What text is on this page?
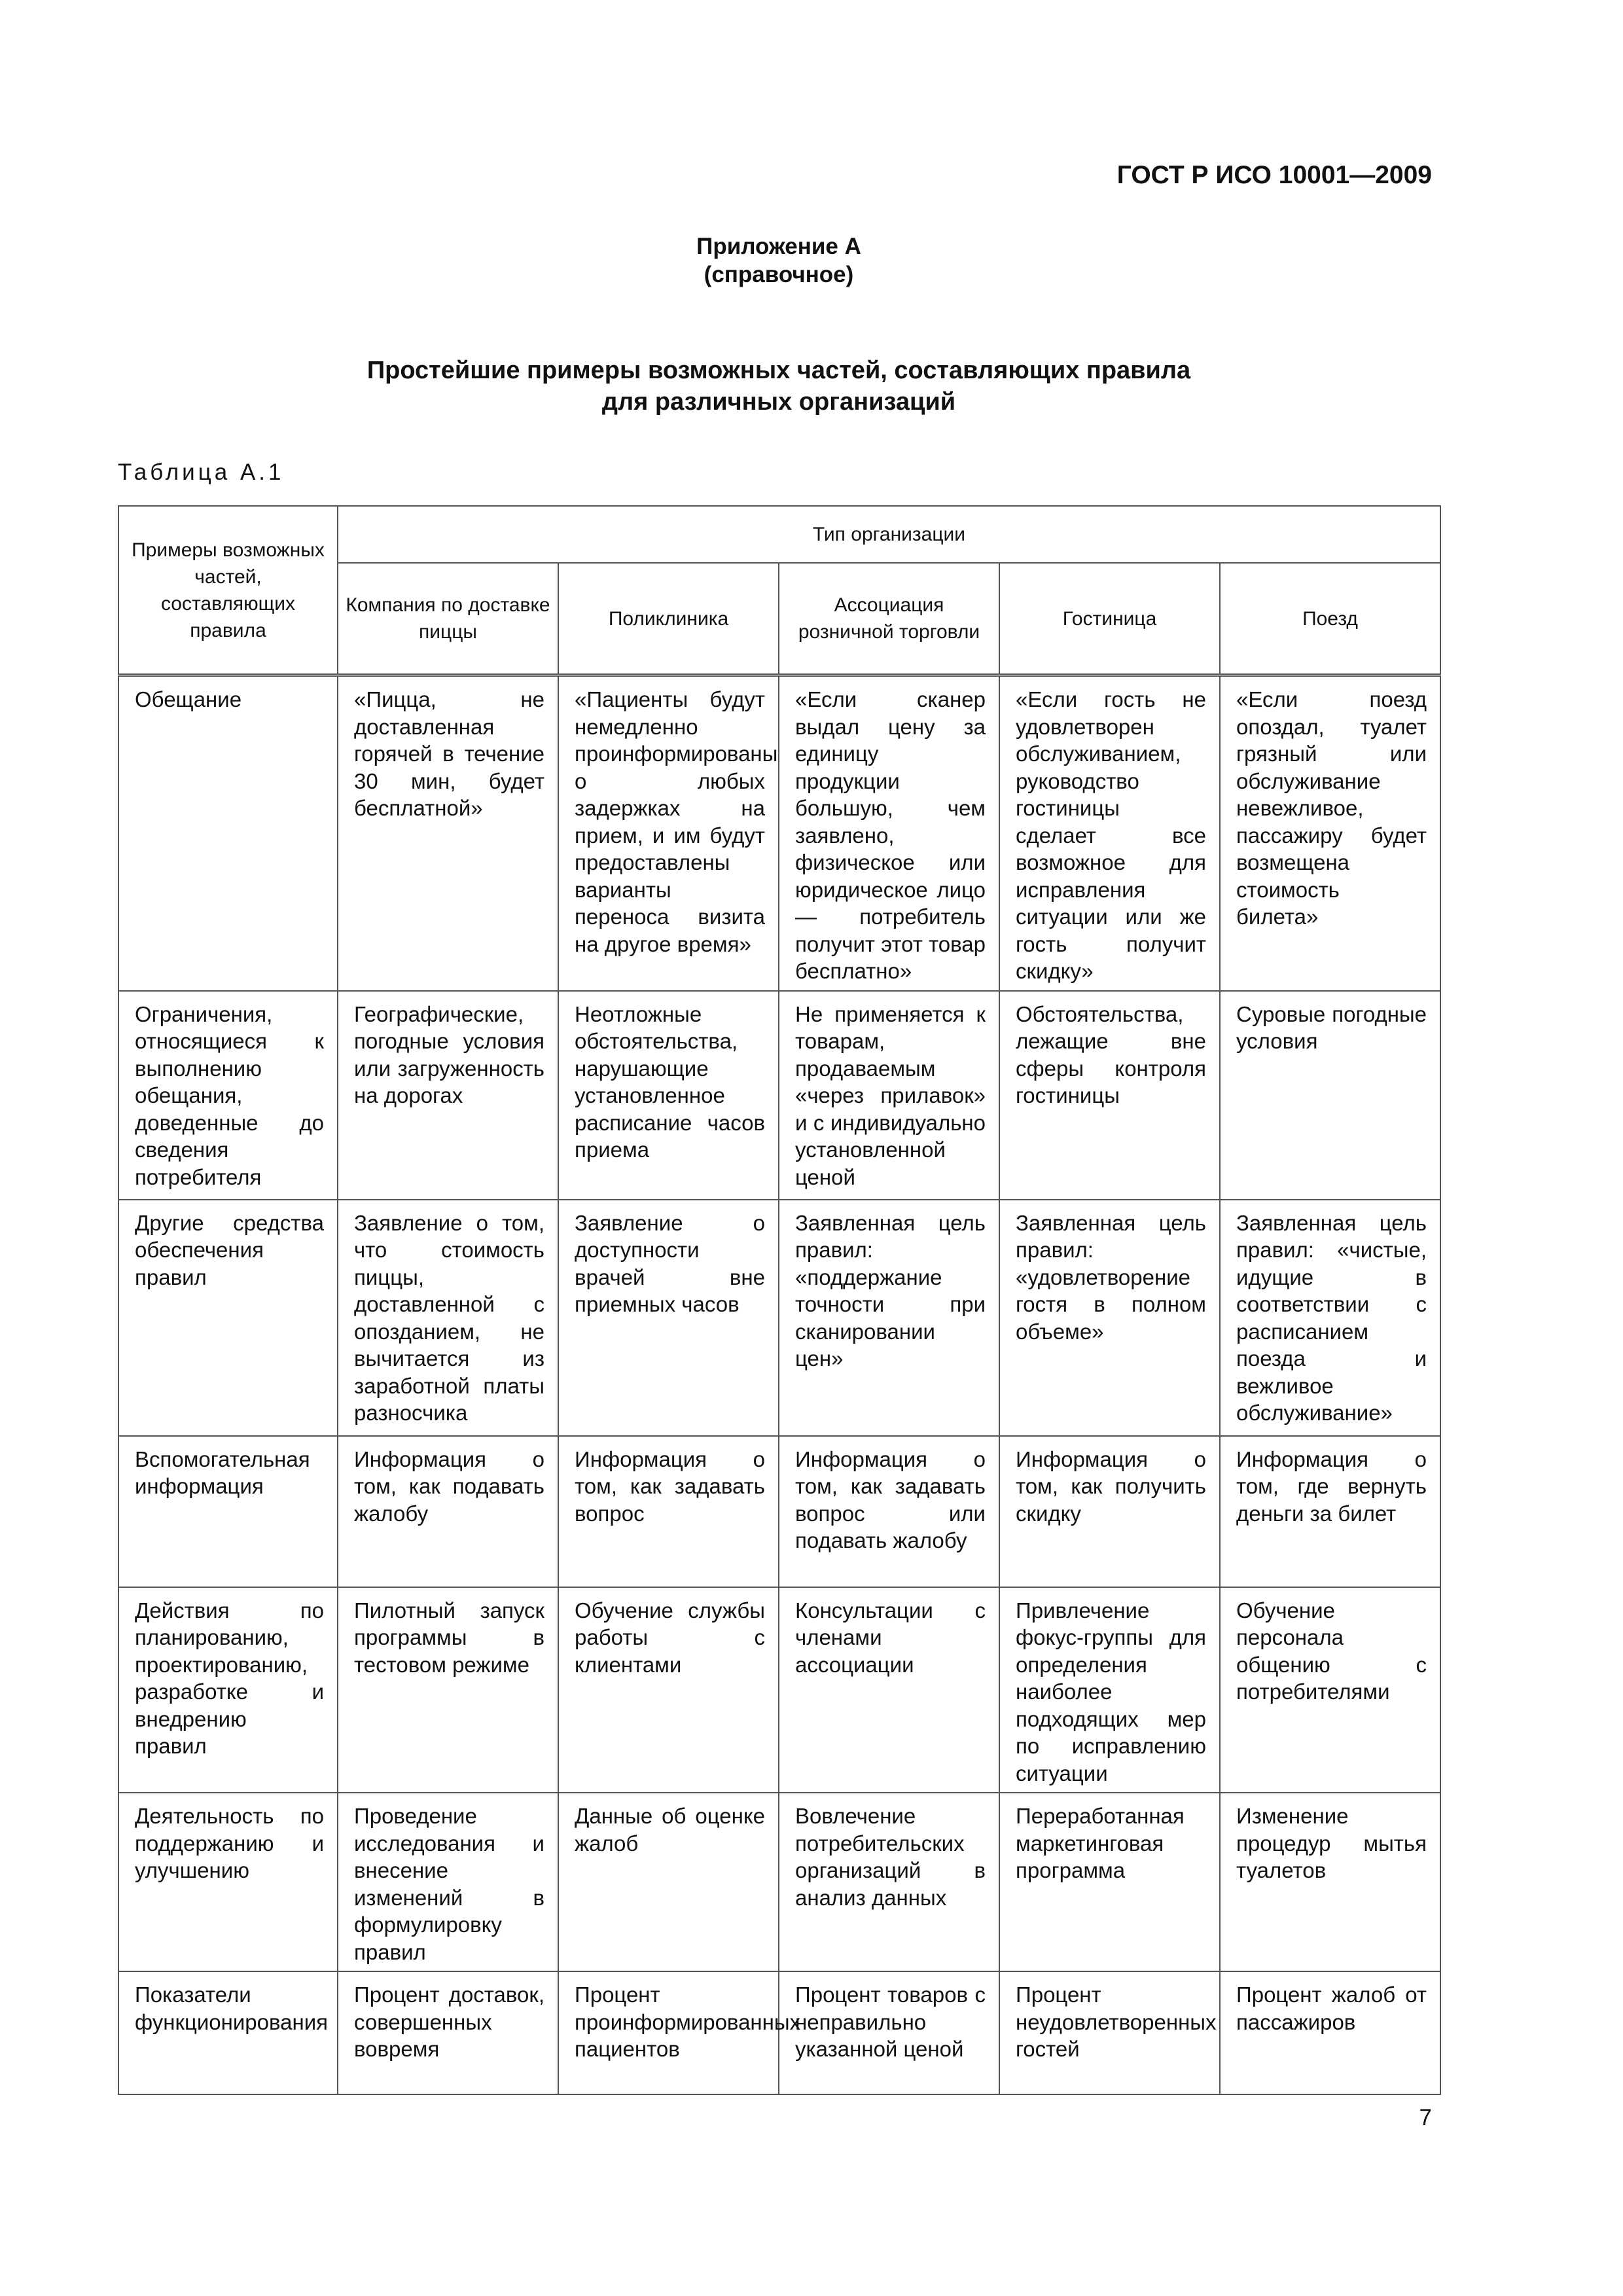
ГОСТ Р ИСО 10001—2009
Приложение А
(справочное)
Простейшие примеры возможных частей, составляющих правила
для различных организаций
Таблица А.1
Примеры возможных частей, составляющих правила	Тип организации				
	Компания по доставке пиццы	Поликлиника	Ассоциация розничной торговли	Гостиница	Поезд
Обещание	«Пицца, не доставленная горячей в течение 30 мин, будет бесплатной»	«Пациенты будут немедленно проинформированы о любых задержках на прием, и им будут предоставлены варианты переноса визита на другое время»	«Если сканер выдал цену за единицу продукции большую, чем заявлено, физическое или юридическое лицо — потребитель получит этот товар бесплатно»	«Если гость не удовлетворен обслуживанием, руководство гостиницы сделает все возможное для исправления ситуации или же гость получит скидку»	«Если поезд опоздал, туалет грязный или обслуживание невежливое, пассажиру будет возмещена стоимость билета»
Ограничения, относящиеся к выполнению обещания, доведенные до сведения потребителя	Географические, погодные условия или загруженность на дорогах	Неотложные обстоятельства, нарушающие установленное расписание часов приема	Не применяется к товарам, продаваемым «через прилавок» и с индивидуально установленной ценой	Обстоятельства, лежащие вне сферы контроля гостиницы	Суровые погодные условия
Другие средства обеспечения правил	Заявление о том, что стоимость пиццы, доставленной с опозданием, не вычитается из заработной платы разносчика	Заявление о доступности врачей вне приемных часов	Заявленная цель правил: «поддержание точности при сканировании цен»	Заявленная цель правил: «удовлетворение гостя в полном объеме»	Заявленная цель правил: «чистые, идущие в соответствии с расписанием поезда и вежливое обслуживание»
Вспомогательная информация	Информация о том, как подавать жалобу	Информация о том, как задавать вопрос	Информация о том, как задавать вопрос или подавать жалобу	Информация о том, как получить скидку	Информация о том, где вернуть деньги за билет
Действия по планированию, проектированию, разработке и внедрению правил	Пилотный запуск программы в тестовом режиме	Обучение службы работы с клиентами	Консультации с членами ассоциации	Привлечение фокус-группы для определения наиболее подходящих мер по исправлению ситуации	Обучение персонала общению с потребителями
Деятельность по поддержанию и улучшению	Проведение исследования и внесение изменений в формулировку правил	Данные об оценке жалоб	Вовлечение потребительских организаций в анализ данных	Переработанная маркетинговая программа	Изменение процедур мытья туалетов
Показатели функционирования	Процент доставок, совершенных вовремя	Процент проинформированных пациентов	Процент товаров с неправильно указанной ценой	Процент неудовлетворенных гостей	Процент жалоб от пассажиров
7
